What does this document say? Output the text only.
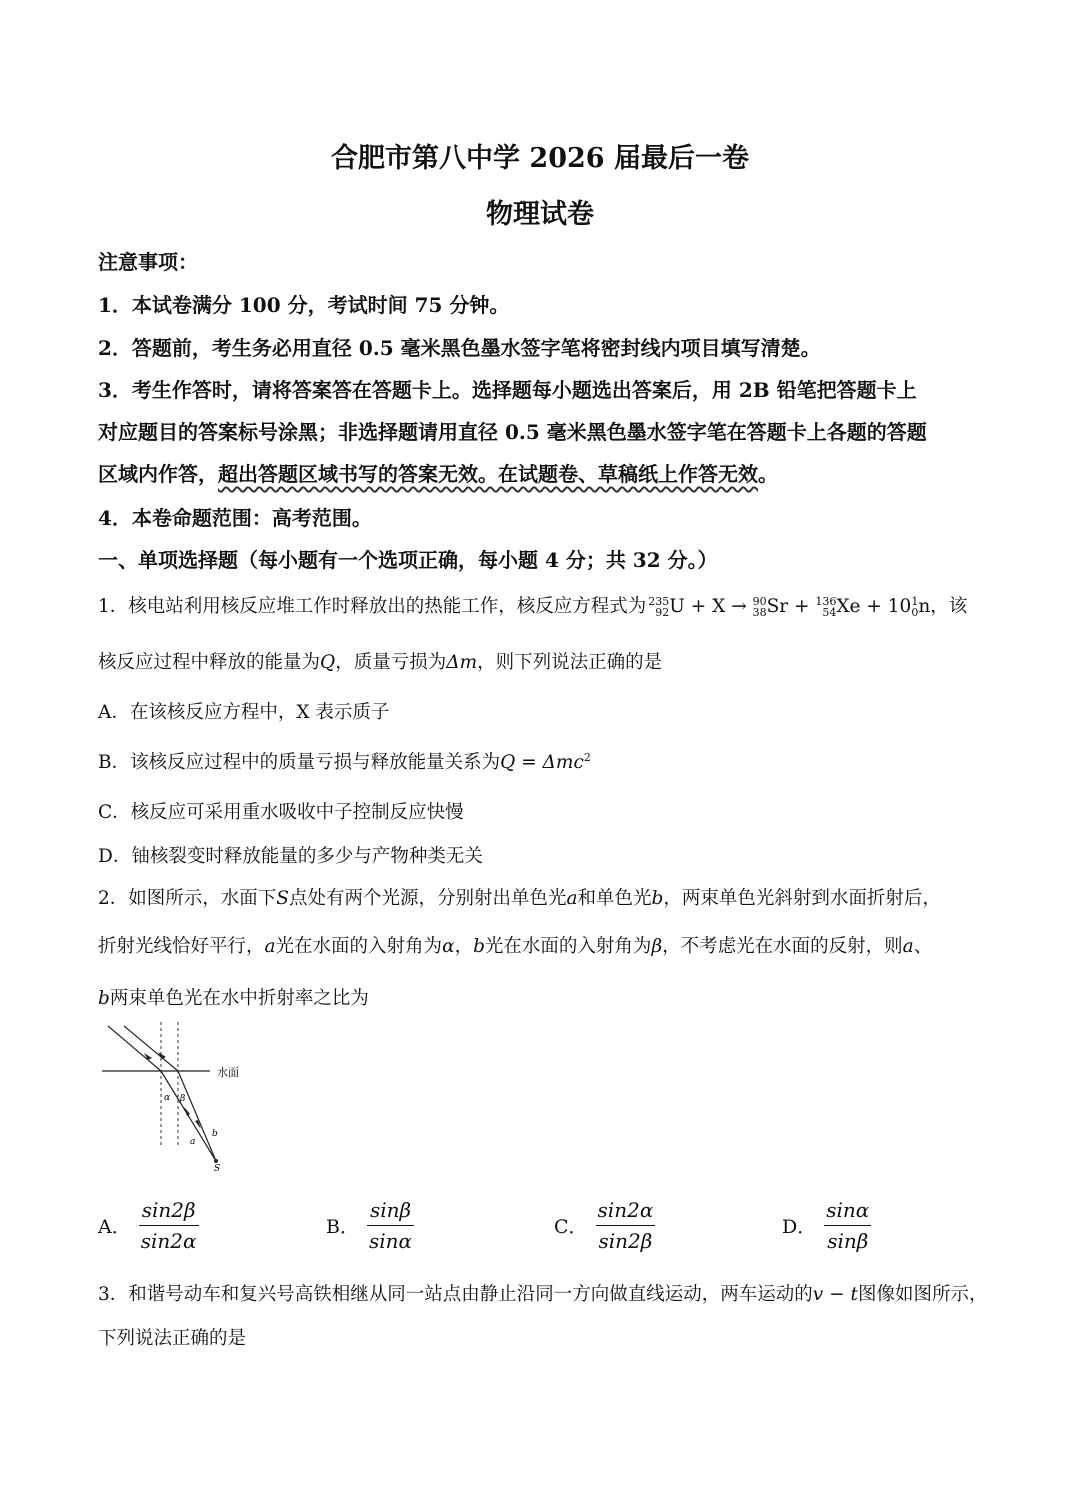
合肥市第八中学 2026 届最后一卷
物理试卷
注意事项：
1．本试卷满分 100 分，考试时间 75 分钟。
2．答题前，考生务必用直径 0.5 毫米黑色墨水签字笔将密封线内项目填写清楚。
3．考生作答时，请将答案答在答题卡上。选择题每小题选出答案后，用 2B 铅笔把答题卡上
对应题目的答案标号涂黑；非选择题请用直径 0.5 毫米黑色墨水签字笔在答题卡上各题的答题
区域内作答，超出答题区域书写的答案无效。在试题卷、草稿纸上作答无效。
4．本卷命题范围：高考范围。
一、单项选择题（每小题有一个选项正确，每小题 4 分；共 32 分。）
1．核电站利用核反应堆工作时释放出的热能工作，核反应方程式为 235
92 U + X → 90
38 Sr + 136
54 Xe + 10 1
0 n，该
核反应过程中释放的能量为Q，质量亏损为Δm，则下列说法正确的是
A．在该核反应方程中，X 表示质子
B．该核反应过程中的质量亏损与释放能量关系为Q = Δmc$^2$
C．核反应可采用重水吸收中子控制反应快慢
D．铀核裂变时释放能量的多少与产物种类无关
2．如图所示，水面下S点处有两个光源，分别射出单色光a和单色光b，两束单色光斜射到水面折射后，
折射光线恰好平行，a光在水面的入射角为α，b光在水面的入射角为β，不考虑光在水面的反射，则a、
b两束单色光在水中折射率之比为
水面
α β
a
b
S
A． $\frac{\sin 2\beta}{\sin 2\alpha}$	B． $\frac{\sin\beta}{\sin\alpha}$	C． $\frac{\sin 2\alpha}{\sin 2\beta}$	D． $\frac{\sin\alpha}{\sin\beta}$
3．和谐号动车和复兴号高铁相继从同一站点由静止沿同一方向做直线运动，两车运动的v − t图像如图所示，
下列说法正确的是
